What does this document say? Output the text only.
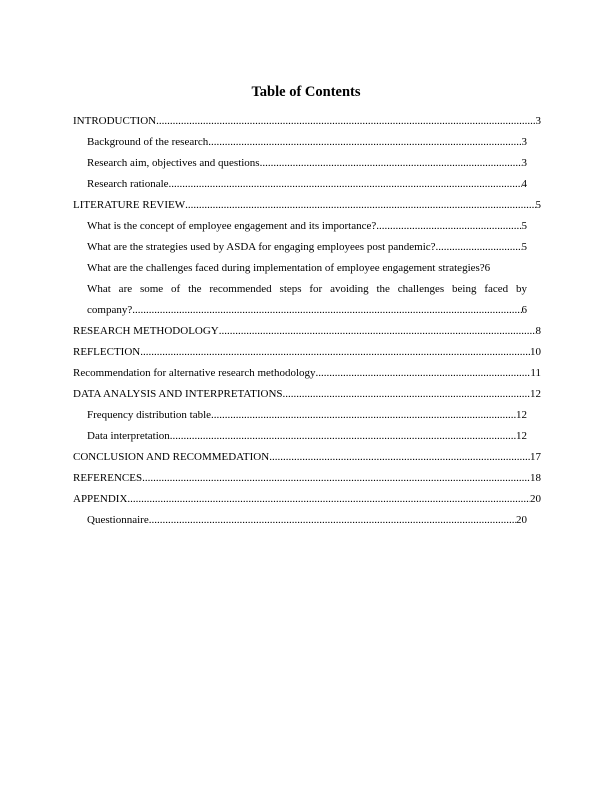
Table of Contents
INTRODUCTION .....	3
Background of the research .....	3
Research aim, objectives and questions .....	3
Research rationale .....	4
LITERATURE REVIEW .....	5
What is the concept of employee engagement and its importance? .....	5
What are the strategies used by ASDA for engaging employees post pandemic? .....	5
What are the challenges faced during implementation of employee engagement strategies? 6
What are some of the recommended steps for avoiding the challenges being faced by
company? .....	6
RESEARCH METHODOLOGY .....	8
REFLECTION .....	10
Recommendation for alternative research methodology .....	11
DATA ANALYSIS AND INTERPRETATIONS .....	12
Frequency distribution table .....	12
Data interpretation .....	12
CONCLUSION AND RECOMMEDATION .....	17
REFERENCES .....	18
APPENDIX .....	20
Questionnaire .....	20
